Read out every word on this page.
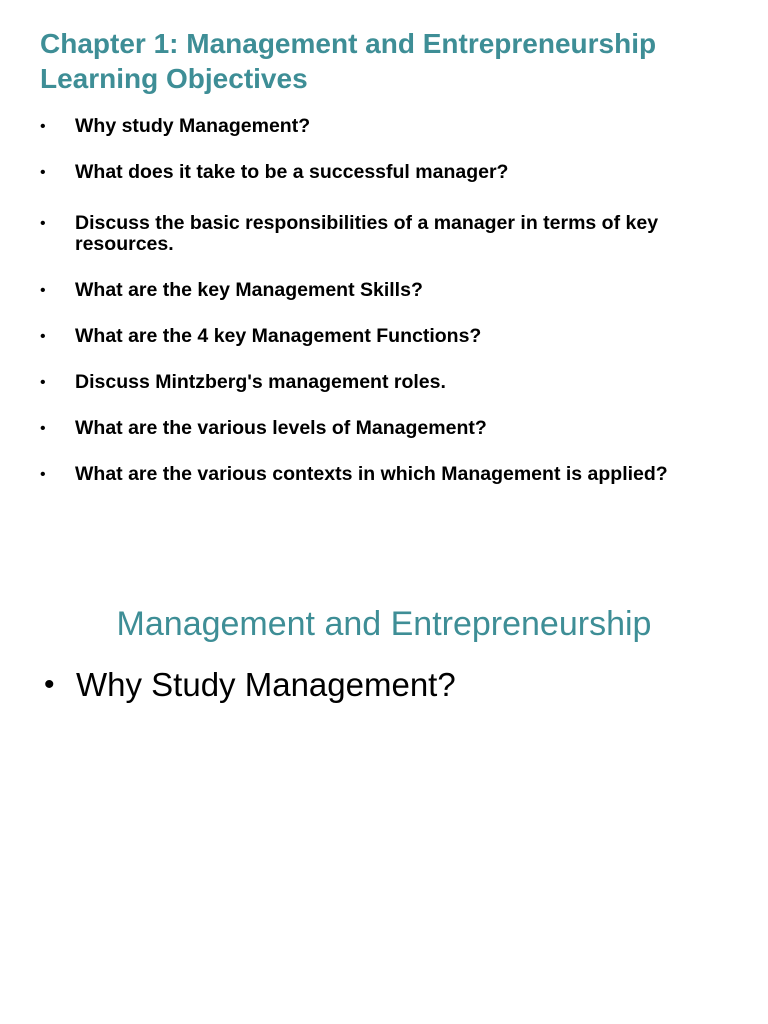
Chapter 1: Management and Entrepreneurship
Learning Objectives
•	Why study Management?
•	What does it take to be a successful manager?
•	Discuss the basic responsibilities of a manager in terms of key resources.
•	What are the key Management Skills?
•	What are the 4 key Management Functions?
•	Discuss Mintzberg's management roles.
•	What are the various levels of Management?
•	What are the various contexts in which Management is applied?
Management and Entrepreneurship
• Why Study Management?
